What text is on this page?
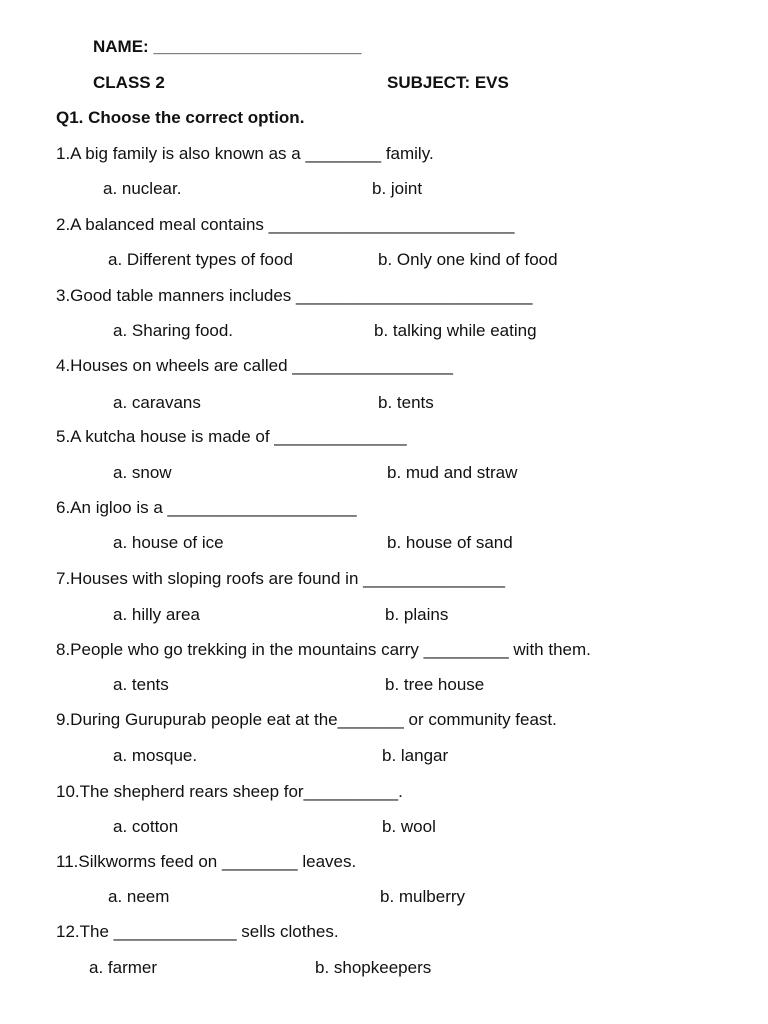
NAME: ______________________
CLASS 2	SUBJECT: EVS
Q1. Choose the correct option.
1.A big family is also known as a ________ family.
a. nuclear.	b. joint
2.A balanced meal contains __________________________
a. Different types of food	b. Only one kind of food
3.Good table manners includes _________________________
a. Sharing food.	b. talking while eating
4.Houses on wheels are called _________________
a. caravans	b. tents
5.A kutcha house is made of ______________
a. snow	b. mud and straw
6.An igloo is a ____________________
a. house of ice	b. house of sand
7.Houses with sloping roofs are found in _______________
a. hilly area	b. plains
8.People who go trekking in the mountains carry _________ with them.
a. tents	b. tree house
9.During Gurupurab people eat at the_______ or community feast.
a. mosque.	b. langar
10.The shepherd rears sheep for__________.
a. cotton	b. wool
11.Silkworms feed on ________ leaves.
a. neem	b. mulberry
12.The _____________ sells clothes.
a. farmer	b. shopkeepers
